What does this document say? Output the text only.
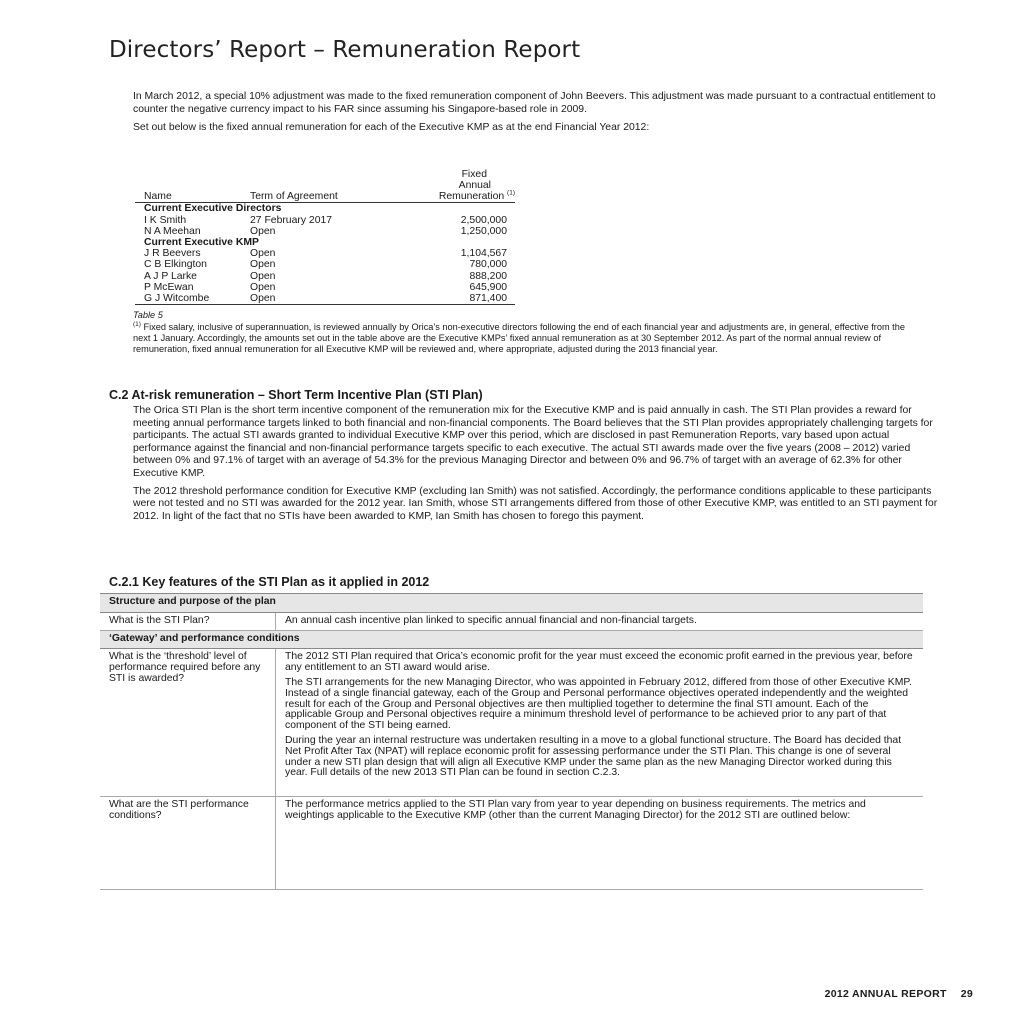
Directors’ Report – Remuneration Report

In March 2012, a special 10% adjustment was made to the fixed remuneration component of John Beevers. This adjustment was made pursuant to a contractual entitlement to counter the negative currency impact to his FAR since assuming his Singapore-based role in 2009.

Set out below is the fixed annual remuneration for each of the Executive KMP as at the end Financial Year 2012:

Name	Term of Agreement	Fixed
Annual
Remuneration $^{(1)}$
Current Executive Directors		
I K Smith	27 February 2017	2,500,000
N A Meehan	Open	1,250,000
Current Executive KMP		
J R Beevers	Open	1,104,567
C B Elkington	Open	780,000
A J P Larke	Open	888,200
P McEwan	Open	645,900
G J Witcombe	Open	871,400
Table 5
$^{(1)}$ Fixed salary, inclusive of superannuation, is reviewed annually by Orica’s non-executive directors following the end of each financial year and adjustments are, in general, effective from the next 1 January. Accordingly, the amounts set out in the table above are the Executive KMPs’ fixed annual remuneration as at 30 September 2012. As part of the normal annual review of remuneration, fixed annual remuneration for all Executive KMP will be reviewed and, where appropriate, adjusted during the 2013 financial year.
C.2 At-risk remuneration – Short Term Incentive Plan (STI Plan)

The Orica STI Plan is the short term incentive component of the remuneration mix for the Executive KMP and is paid annually in cash. The STI Plan provides a reward for meeting annual performance targets linked to both financial and non-financial components. The Board believes that the STI Plan provides appropriately challenging targets for participants. The actual STI awards granted to individual Executive KMP over this period, which are disclosed in past Remuneration Reports, vary based upon actual performance against the financial and non-financial performance targets specific to each executive. The actual STI awards made over the five years (2008 – 2012) varied between 0% and 97.1% of target with an average of 54.3% for the previous Managing Director and between 0% and 96.7% of target with an average of 62.3% for other Executive KMP.

The 2012 threshold performance condition for Executive KMP (excluding Ian Smith) was not satisfied. Accordingly, the performance conditions applicable to these participants were not tested and no STI was awarded for the 2012 year. Ian Smith, whose STI arrangements differed from those of other Executive KMP, was entitled to an STI payment for 2012. In light of the fact that no STIs have been awarded to KMP, Ian Smith has chosen to forego this payment.

C.2.1 Key features of the STI Plan as it applied in 2012
Structure and purpose of the plan	
What is the STI Plan?	An annual cash incentive plan linked to specific annual financial and non-financial targets.
‘Gateway’ and performance conditions	
What is the ‘threshold’ level of performance required before any STI is awarded?	The 2012 STI Plan required that Orica’s economic profit for the year must exceed the economic profit earned in the previous year, before any entitlement to an STI award would arise.

The STI arrangements for the new Managing Director, who was appointed in February 2012, differed from those of other Executive KMP. Instead of a single financial gateway, each of the Group and Personal performance objectives operated independently and the weighted result for each of the Group and Personal objectives are then multiplied together to determine the final STI amount. Each of the applicable Group and Personal objectives require a minimum threshold level of performance to be achieved prior to any part of that component of the STI being earned.

During the year an internal restructure was undertaken resulting in a move to a global functional structure. The Board has decided that Net Profit After Tax (NPAT) will replace economic profit for assessing performance under the STI Plan. This change is one of several under a new STI plan design that will align all Executive KMP under the same plan as the new Managing Director worked during this year. Full details of the new 2013 STI Plan can be found in section C.2.3.

What are the STI performance conditions?	The performance metrics applied to the STI Plan vary from year to year depending on business requirements. The metrics and weightings applicable to the Executive KMP (other than the current Managing Director) for the 2012 STI are outlined below:
2012 ANNUAL REPORT 29
